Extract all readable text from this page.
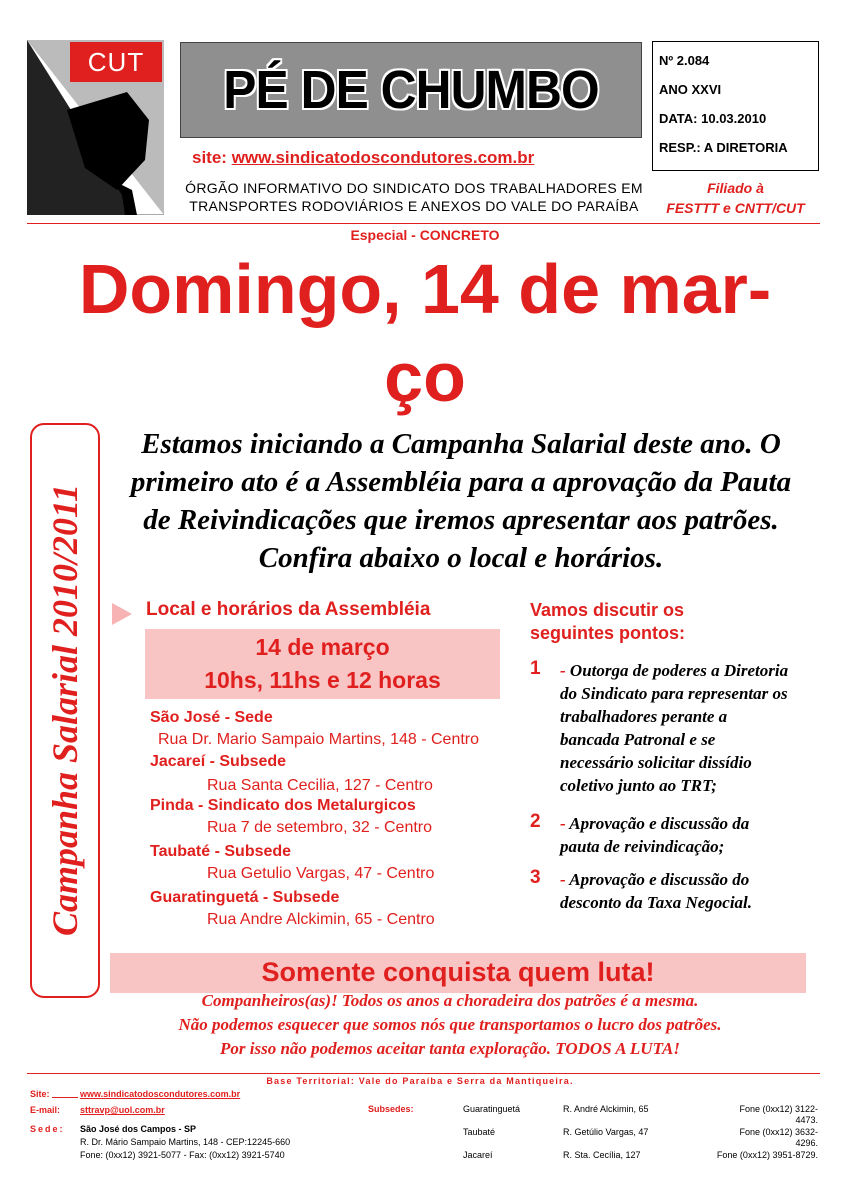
CUT	PÉ DE CHUMBO
site: www.sindicatodoscondutores.com.br
ÓRGÃO INFORMATIVO DO SINDICATO DOS TRABALHADORES EM
TRANSPORTES RODOVIÁRIOS E ANEXOS DO VALE DO PARAÍBA
Nº 2.084
ANO XXVI
DATA: 10.03.2010
RESP.: A DIRETORIA
Filiado à
FESTTT e CNTT/CUT
Especial - CONCRETO
Domingo, 14 de mar-
ço
Campanha Salarial 2010/2011
Estamos iniciando a Campanha Salarial deste ano. O primeiro ato é a Assembléia para a aprovação da Pauta de Reivindicações que iremos apresentar aos patrões. Confira abaixo o local e horários.
Local e horários da Assembléia
14 de março
10hs, 11hs e 12 horas
São José - Sede
Rua Dr. Mario Sampaio Martins, 148 - Centro
Jacareí - Subsede
Rua Santa Cecilia, 127 - Centro
Pinda - Sindicato dos Metalurgicos
Rua 7 de setembro, 32 - Centro
Taubaté - Subsede
Rua Getulio Vargas, 47 - Centro
Guaratinguetá - Subsede
Rua Andre Alckimin, 65 - Centro
Vamos discutir os
seguintes pontos:
1	- Outorga de poderes a Diretoria do Sindicato para representar os trabalhadores perante a bancada Patronal e se necessário solicitar dissídio coletivo junto ao TRT;
2	- Aprovação e discussão da pauta de reivindicação;
3	- Aprovação e discussão do desconto da Taxa Negocial.
Somente conquista quem luta!
Companheiros(as)! Todos os anos a choradeira dos patrões é a mesma.
Não podemos esquecer que somos nós que transportamos o lucro dos patrões.
Por isso não podemos aceitar tanta exploração. TODOS A LUTA!
Base Territorial: Vale do Paraíba e Serra da Mantiqueira.
Site:	www.sindicatodoscondutores.com.br
E-mail: sttravp@uol.com.br
Sede: São José dos Campos - SP
R. Dr. Mário Sampaio Martins, 148 - CEP:12245-660
Fone: (0xx12) 3921-5077 - Fax: (0xx12) 3921-5740
Subsedes:	Guaratinguetá	R. André Alckimin, 65	Fone (0xx12) 3122-
4473.
Taubaté	R. Getúlio Vargas, 47	Fone (0xx12) 3632-
4296.
Jacareí	R. Sta. Cecília, 127	Fone (0xx12) 3951-8729.
